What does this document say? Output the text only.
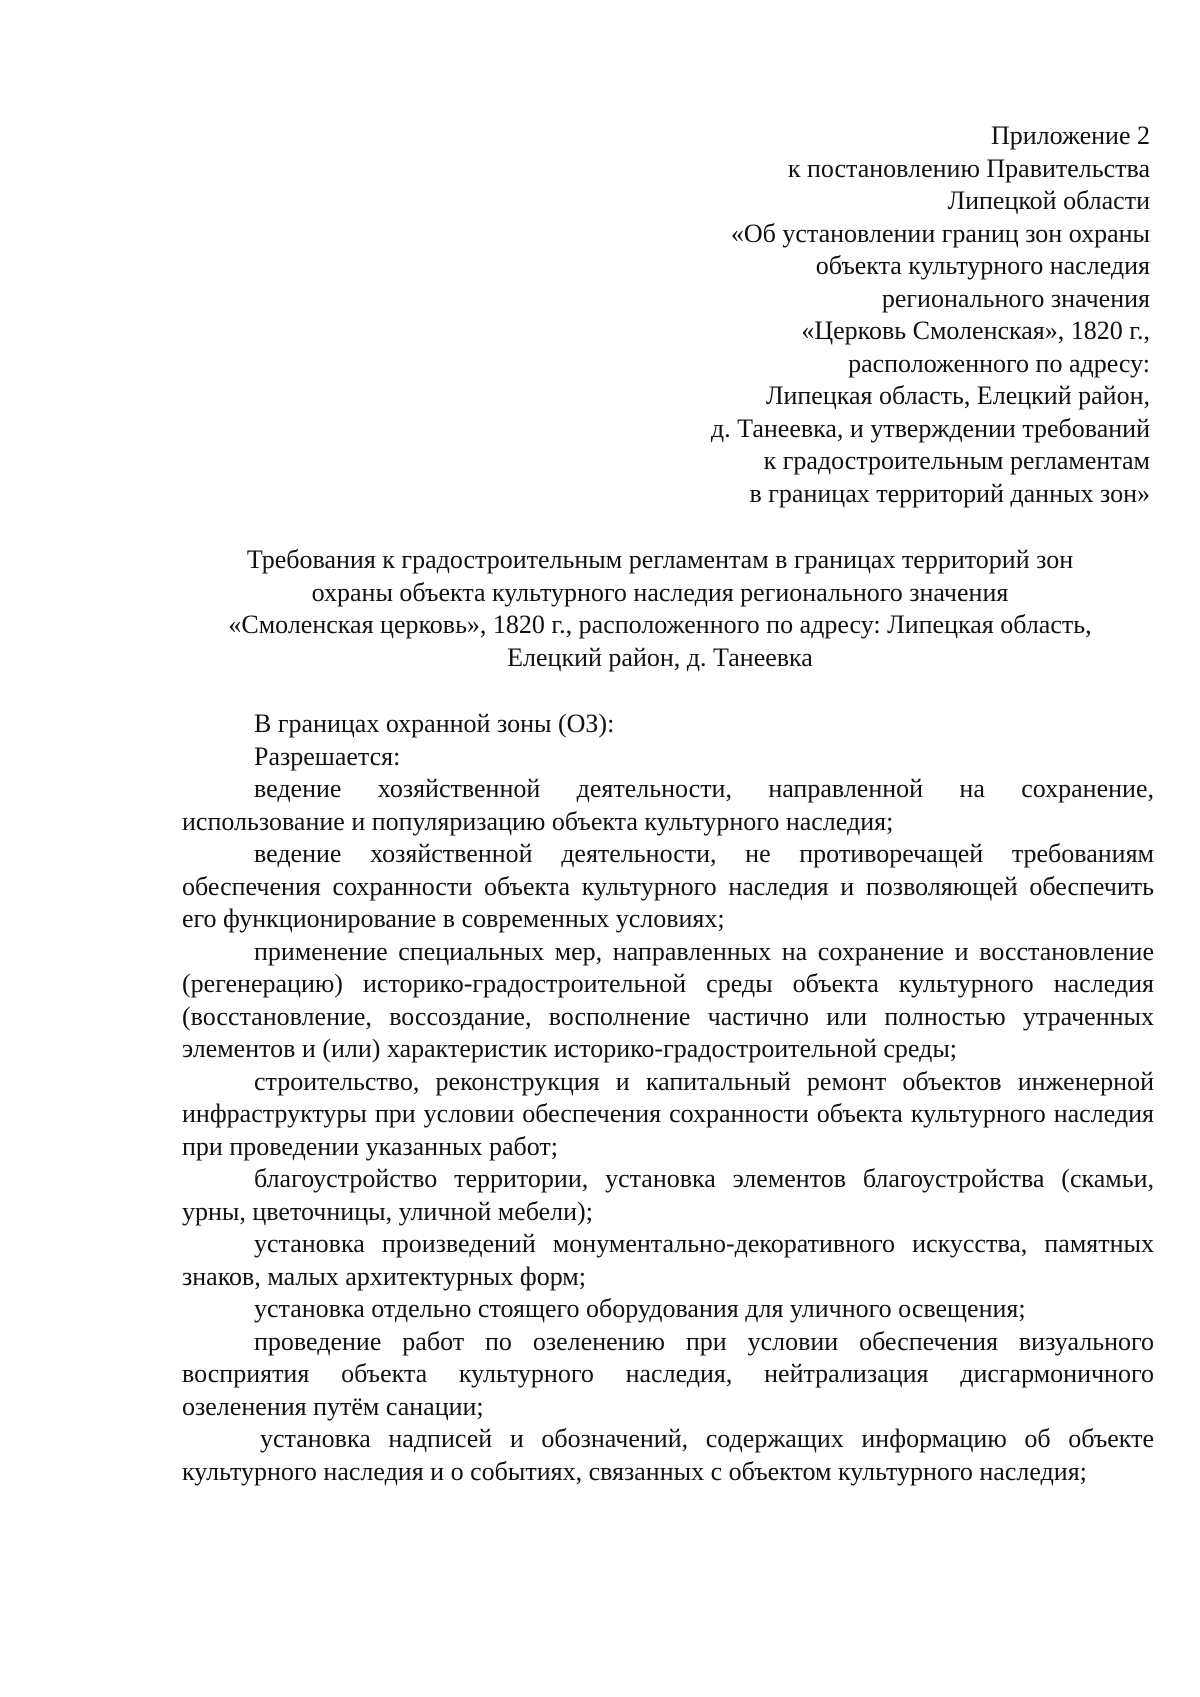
Приложение 2
к постановлению Правительства
Липецкой области
«Об установлении границ зон охраны
объекта культурного наследия
регионального значения
«Церковь Смоленская», 1820 г.,
расположенного по адресу:
Липецкая область, Елецкий район,
д. Танеевка, и утверждении требований
к градостроительным регламентам
в границах территорий данных зон»
Требования к градостроительным регламентам в границах территорий зон
охраны объекта культурного наследия регионального значения
«Смоленская церковь», 1820 г., расположенного по адресу: Липецкая область,
Елецкий район, д. Танеевка

В границах охранной зоны (ОЗ):

Разрешается:

ведение хозяйственной деятельности, направленной на сохранение, использование и популяризацию объекта культурного наследия;

ведение хозяйственной деятельности, не противоречащей требованиям обеспечения сохранности объекта культурного наследия и позволяющей обеспечить его функционирование в современных условиях;

применение специальных мер, направленных на сохранение и восстановление (регенерацию) историко-градостроительной среды объекта культурного наследия (восстановление, воссоздание, восполнение частично или полностью утраченных элементов и (или) характеристик историко-градостроительной среды;

строительство, реконструкция и капитальный ремонт объектов инженерной инфраструктуры при условии обеспечения сохранности объекта культурного наследия при проведении указанных работ;

благоустройство территории, установка элементов благоустройства (скамьи, урны, цветочницы, уличной мебели);

установка произведений монументально-декоративного искусства, памятных знаков, малых архитектурных форм;

установка отдельно стоящего оборудования для уличного освещения;

проведение работ по озеленению при условии обеспечения визуального восприятия объекта культурного наследия, нейтрализация дисгармоничного озеленения путём санации;

установка надписей и обозначений, содержащих информацию об объекте культурного наследия и о событиях, связанных с объектом культурного наследия;
